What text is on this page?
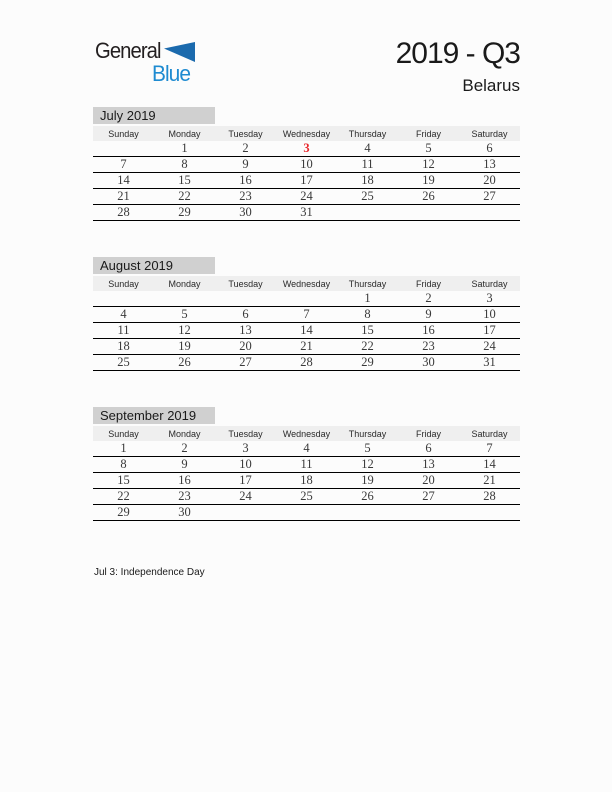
General
Blue
2019 - Q3
Belarus
July 2019
Sunday	Monday	Tuesday	Wednesday	Thursday	Friday	Saturday
	1	2	3	4	5	6
7	8	9	10	11	12	13
14	15	16	17	18	19	20
21	22	23	24	25	26	27
28	29	30	31			
August 2019
Sunday	Monday	Tuesday	Wednesday	Thursday	Friday	Saturday
				1	2	3
4	5	6	7	8	9	10
11	12	13	14	15	16	17
18	19	20	21	22	23	24
25	26	27	28	29	30	31
September 2019
Sunday	Monday	Tuesday	Wednesday	Thursday	Friday	Saturday
1	2	3	4	5	6	7
8	9	10	11	12	13	14
15	16	17	18	19	20	21
22	23	24	25	26	27	28
29	30					
Jul 3: Independence Day
